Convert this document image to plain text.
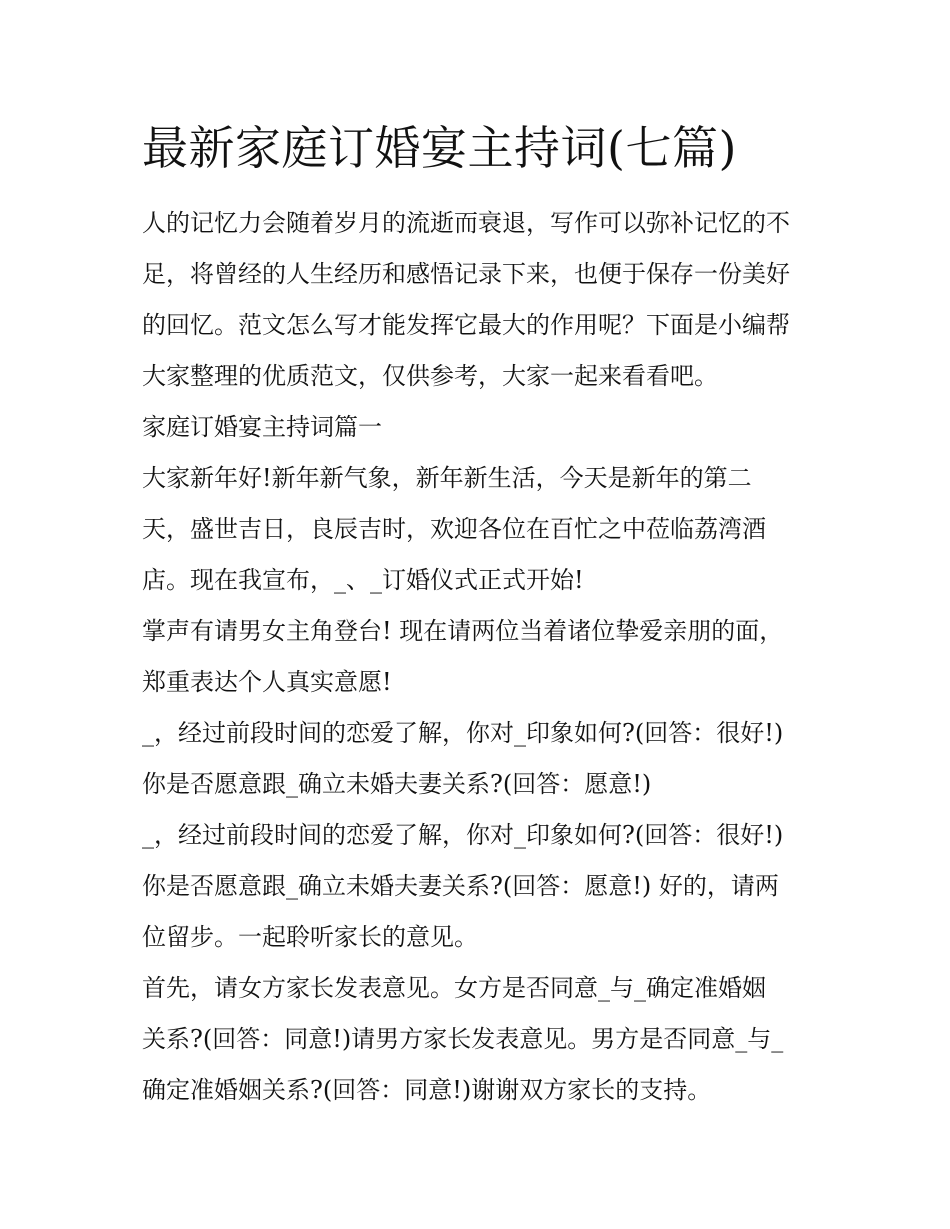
最新家庭订婚宴主持词(七篇)
人的记忆力会随着岁月的流逝而衰退，写作可以弥补记忆的不
足，将曾经的人生经历和感悟记录下来，也便于保存一份美好
的回忆。范文怎么写才能发挥它最大的作用呢？下面是小编帮
大家整理的优质范文，仅供参考，大家一起来看看吧。
家庭订婚宴主持词篇一
大家新年好!新年新气象，新年新生活，今天是新年的第二
天，盛世吉日，良辰吉时，欢迎各位在百忙之中莅临荔湾酒
店。现在我宣布，_、_订婚仪式正式开始!
掌声有请男女主角登台! 现在请两位当着诸位挚爱亲朋的面，
郑重表达个人真实意愿!
_，经过前段时间的恋爱了解，你对_印象如何?(回答：很好!)
你是否愿意跟_确立未婚夫妻关系?(回答：愿意!)
_，经过前段时间的恋爱了解，你对_印象如何?(回答：很好!)
你是否愿意跟_确立未婚夫妻关系?(回答：愿意!) 好的，请两
位留步。一起聆听家长的意见。
首先，请女方家长发表意见。女方是否同意_与_确定准婚姻
关系?(回答：同意!)请男方家长发表意见。男方是否同意_与_
确定准婚姻关系?(回答：同意!)谢谢双方家长的支持。
